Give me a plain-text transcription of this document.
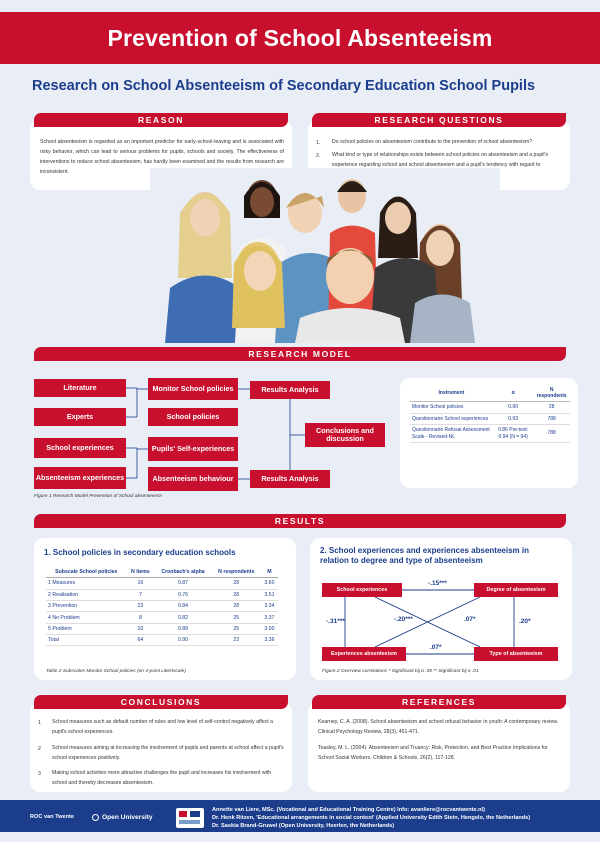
Prevention of School Absenteeism
Research on School Absenteeism of Secondary Education School Pupils
REASON
School absenteeism is regarded as an important predictor for early-school-leaving and is associated with risky behavior, which can lead to serious problems for pupils, schools and society. The effectiveness of interventions to reduce school absenteeism, has hardly been examined and the results from research are inconsistent.
RESEARCH QUESTIONS
1. Do school policies on absenteeism contribute to the prevention of school absenteeism?
2. What kind or type of relationships exists between school policies on absenteeism and a pupil's experience regarding school and school absenteeism and a pupil's tendency with regard to
RESEARCH MODEL
Literature
Experts
School experiences
Absenteeism experiences
Monitor School policies
School policies
Pupils' Self-experiences
Absenteeism behaviour
Results Analysis
Conclusions and discussion
Results Analysis
Figure 1 Research Model Prevention of School absenteeism
Instrument	α	N respondents
Monitor School policies	0.90	28
Questionnaire School experiences	0.93	788
Questionnaire Refusal Assessment Scale - Revised-NL	0.86 Pre-test: 0.94 (N = 94)	788
RESULTS
1. School policies in secondary education schools
Subscale School policies	N items	Cronbach's alpha	N respondents	M
1 Measures	16	0.87	28	3.60
2 Realisation	7	0.76	28	3.51
3 Prevention	23	0.84	28	3.34
4 No Problem	8	0.82	25	3.37
5 Problem	10	0.89	25	3.00
Total	64	0.90	23	3.36
Table 2 Subscales Monitor School policies (on 4-point Likertscale)
2. School experiences and experiences absenteeism in relation to degree and type of absenteeism
School experiences	Degree of absenteeism
Experiences absenteeism	Type of absenteeism
-.15***
-.31***	-.20***	.07*	.20*
.07*
Figure 2 Overview correlations * Significant bij α .05 ** Significant bij α .01
CONCLUSIONS
1 School measures such as default number of rules and low level of self-control negatively affect a pupil's school experiences.
2 School measures aiming at increasing the involvement of pupils and parents at school affect a pupil's school experiences positively.
3 Making school activities more attractive challenges the pupil and increases his involvement with school and thereby decreases absenteeism.
REFERENCES
Kearney, C. A. (2008). School absenteeism and school refusal behavior in youth: A contemporary review. Clinical Psychology Review, 28(3), 451-471.
Teasley, M. L. (2004). Absenteeism and Truancy: Risk, Protection, and Best Practice Implications for School Social Workers. Children & Schools, 26(2), 117-128.
ROC van Twente	Open University
Annette van Liere, MSc. (Vocational and Educational Training Centre) Info: avanliere@rocvantwente.nl)
Dr. Henk Ritzen, 'Educational arrangements in social context' (Applied University Edith Stein, Hengelo, the Netherlands)
Dr. Saskia Brand-Gruwel (Open University, Heerlen, the Netherlands)
